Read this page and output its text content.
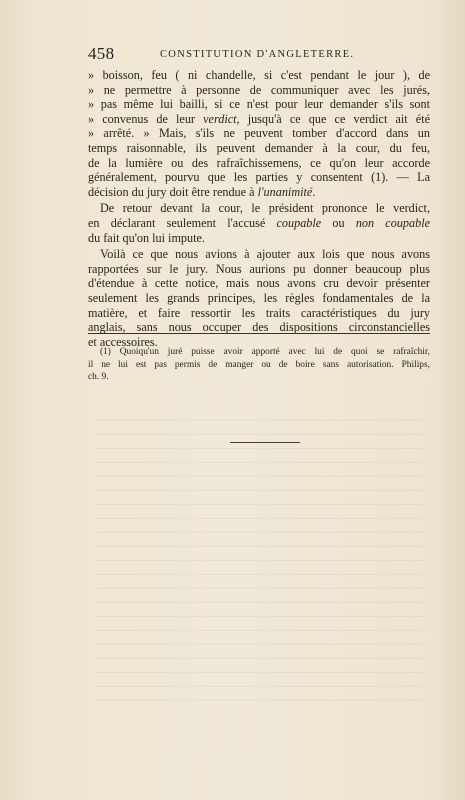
458	CONSTITUTION D'ANGLETERRE.
» boisson, feu ( ni chandelle, si c'est pendant le jour ), de
» ne permettre à personne de communiquer avec les jurés,
» pas même lui bailli, si ce n'est pour leur demander s'ils sont
» convenus de leur verdict, jusqu'à ce que ce verdict ait été
» arrêté. » Mais, s'ils ne peuvent tomber d'accord dans un
temps raisonnable, ils peuvent demander à la cour, du feu,
de la lumière ou des rafraîchissemens, ce qu'on leur accorde
généralement, pourvu que les parties y consentent (1). — La
décision du jury doit être rendue à l'unanimité.
De retour devant la cour, le président prononce le verdict,
en déclarant seulement l'accusé coupable ou non coupable
du fait qu'on lui impute.
Voilà ce que nous avions à ajouter aux lois que nous avons
rapportées sur le jury. Nous aurions pu donner beaucoup plus
d'étendue à cette notice, mais nous avons cru devoir présenter
seulement les grands principes, les règles fondamentales de la
matière, et faire ressortir les traits caractéristiques du jury
anglais, sans nous occuper des dispositions circonstancielles
et accessoires.
(1) Quoiqu'un juré puisse avoir apporté avec lui de quoi se rafraîchir,
il ne lui est pas permis de manger ou de boire sans autorisation. Philips,
ch. 9.
